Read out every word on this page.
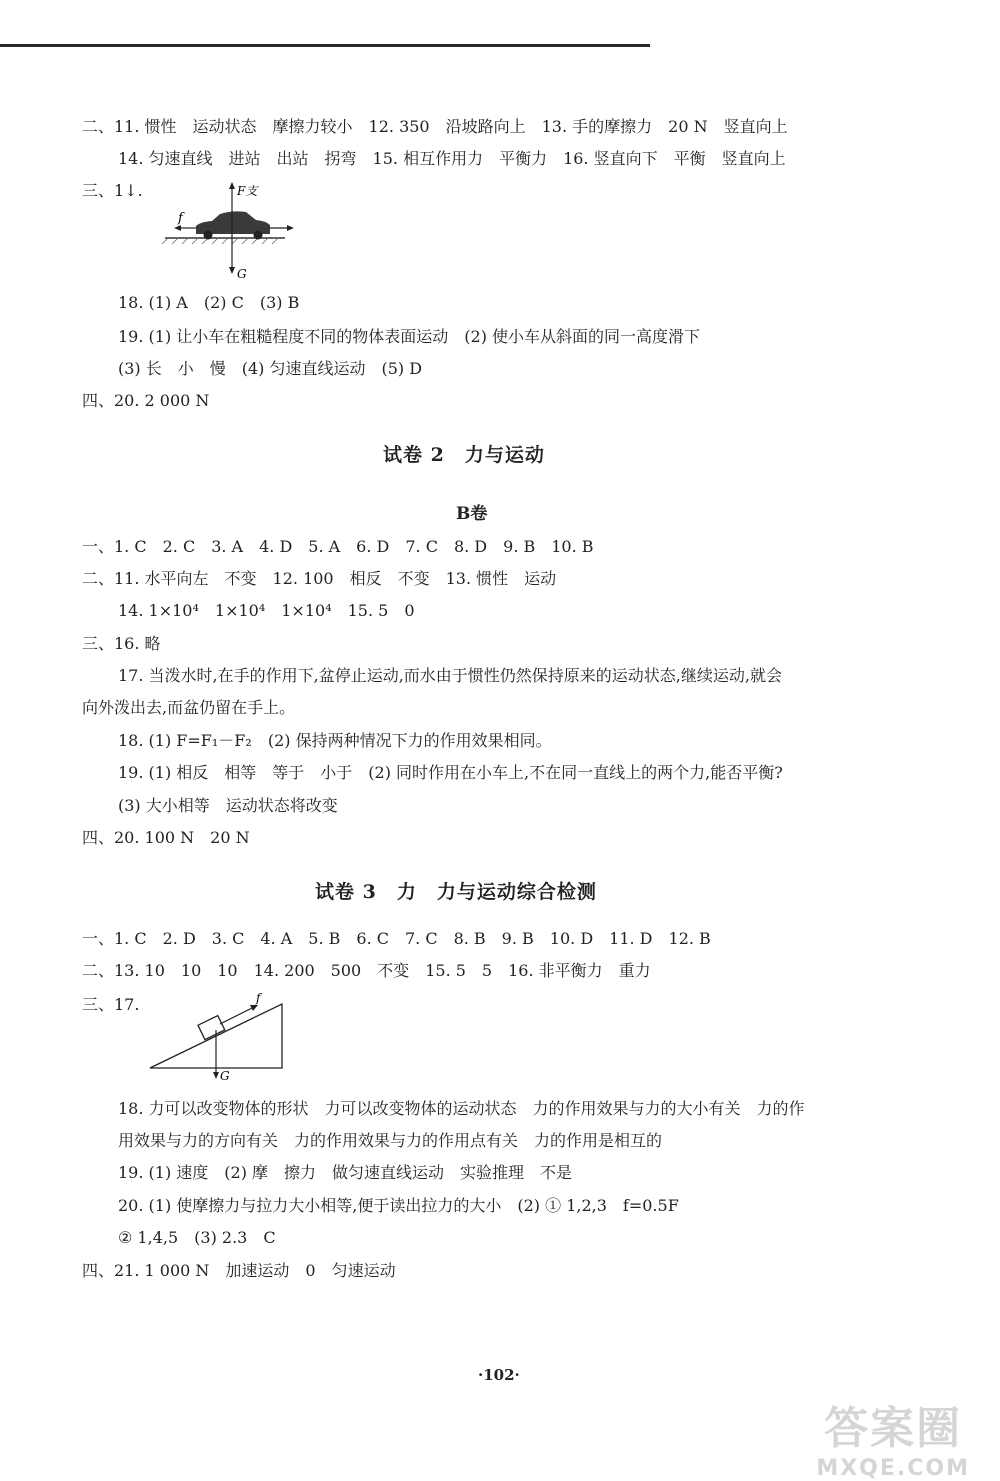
二、11. 惯性　运动状态　摩擦力较小　12. 350　沿坡路向上　13. 手的摩擦力　20 N　竖直向上
14. 匀速直线　进站　出站　拐弯　15. 相互作用力　平衡力　16. 竖直向下　平衡　竖直向上
三、1↓.	F支
f
G
18. (1) A　(2) C　(3) B
19. (1) 让小车在粗糙程度不同的物体表面运动　(2) 使小车从斜面的同一高度滑下
(3) 长　小　慢　(4) 匀速直线运动　(5) D
四、20. 2 000 N
试卷 2　力与运动
B卷
一、1. C　2. C　3. A　4. D　5. A　6. D　7. C　8. D　9. B　10. B
二、11. 水平向左　不变　12. 100　相反　不变　13. 惯性　运动
14. 1×10⁴　1×10⁴　1×10⁴　15. 5　0
三、16. 略
17. 当泼水时,在手的作用下,盆停止运动,而水由于惯性仍然保持原来的运动状态,继续运动,就会
向外泼出去,而盆仍留在手上。
18. (1) F=F₁－F₂　(2) 保持两种情况下力的作用效果相同。
19. (1) 相反　相等　等于　小于　(2) 同时作用在小车上,不在同一直线上的两个力,能否平衡?
(3) 大小相等　运动状态将改变
四、20. 100 N　20 N
试卷 3　力　力与运动综合检测
一、1. C　2. D　3. C　4. A　5. B　6. C　7. C　8. B　9. B　10. D　11. D　12. B
二、13. 10　10　10　14. 200　500　不变　15. 5　5　16. 非平衡力　重力
三、17.	f
G
18. 力可以改变物体的形状　力可以改变物体的运动状态　力的作用效果与力的大小有关　力的作
用效果与力的方向有关　力的作用效果与力的作用点有关　力的作用是相互的
19. (1) 速度　(2) 摩　擦力　做匀速直线运动　实验推理　不是
20. (1) 使摩擦力与拉力大小相等,便于读出拉力的大小　(2) ① 1,2,3　f=0.5F
② 1,4,5　(3) 2.3　C
四、21. 1 000 N　加速运动　0　匀速运动
·102·
答案圈
MXQE.COM
